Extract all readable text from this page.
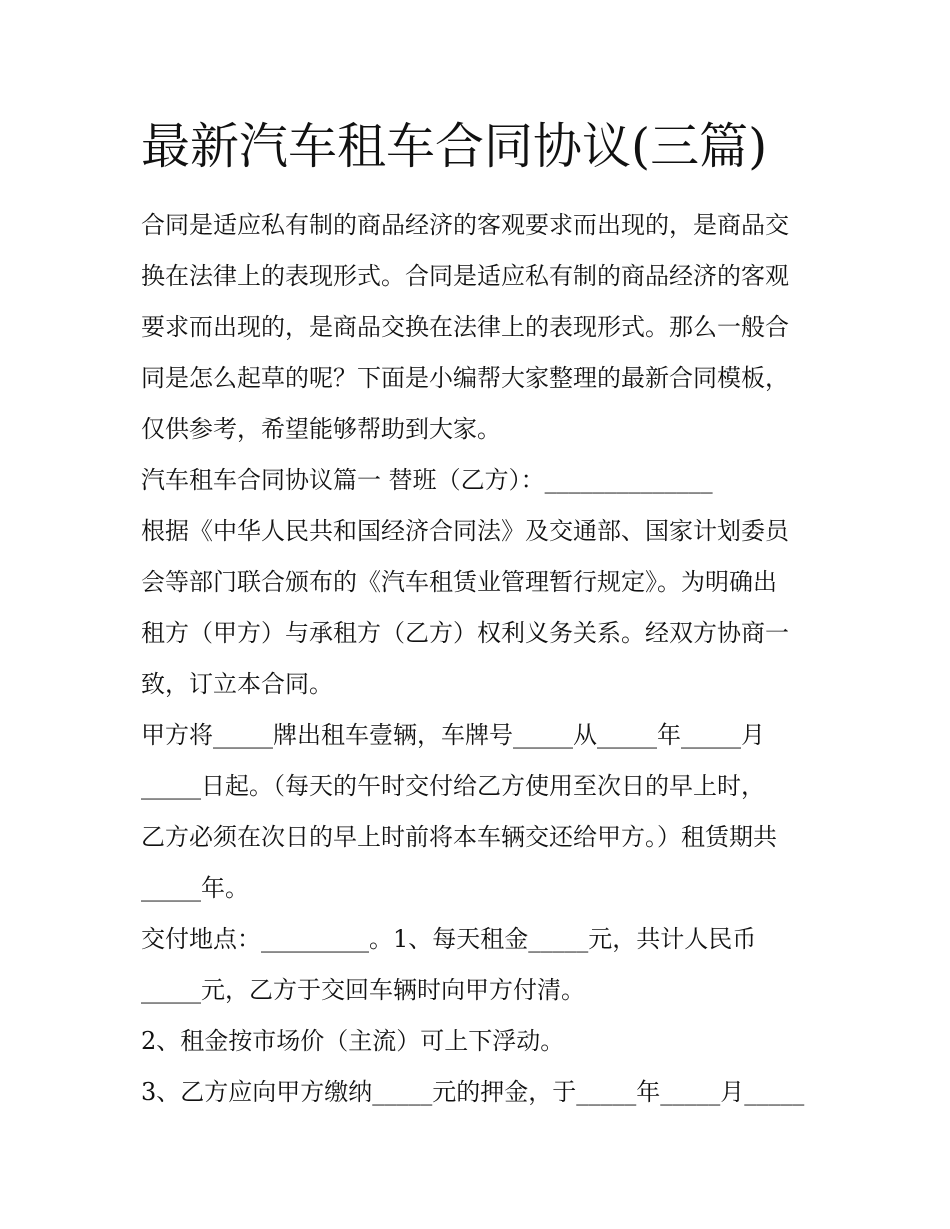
最新汽车租车合同协议(三篇)

合同是适应私有制的商品经济的客观要求而出现的，是商品交

换在法律上的表现形式。合同是适应私有制的商品经济的客观

要求而出现的，是商品交换在法律上的表现形式。那么一般合

同是怎么起草的呢？下面是小编帮大家整理的最新合同模板，

仅供参考，希望能够帮助到大家。

汽车租车合同协议篇一 替班（乙方）：______________

根据《中华人民共和国经济合同法》及交通部、国家计划委员

会等部门联合颁布的《汽车租赁业管理暂行规定》。为明确出

租方（甲方）与承租方（乙方）权利义务关系。经双方协商一

致，订立本合同。

甲方将_____牌出租车壹辆，车牌号_____从_____年_____月

_____日起。（每天的午时交付给乙方使用至次日的早上时，

乙方必须在次日的早上时前将本车辆交还给甲方。）租赁期共

_____年。

交付地点：_________。1、每天租金_____元，共计人民币

_____元，乙方于交回车辆时向甲方付清。

2、租金按市场价（主流）可上下浮动。

3、乙方应向甲方缴纳_____元的押金，于_____年_____月_____
